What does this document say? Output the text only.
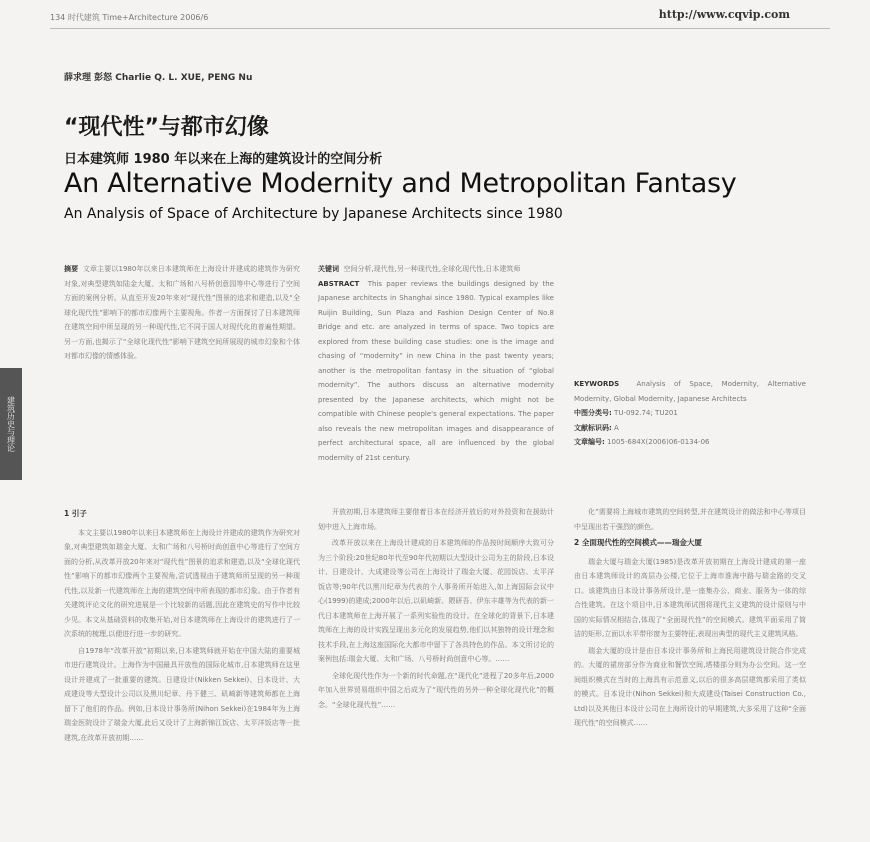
134 时代建筑 Time+Architecture 2006/6	http://www.cqvip.com
薛求理 彭怒 Charlie Q. L. XUE, PENG Nu
“现代性”与都市幻像
日本建筑师 1980 年以来在上海的建筑设计的空间分析
An Alternative Modernity and Metropolitan Fantasy
An Analysis of Space of Architecture by Japanese Architects since 1980
建筑历史与理论
摘要 文章主要以1980年以来日本建筑师在上海设计并建成的建筑作为研究对象,对典型建筑如陆金大厦、太和广场和八号桥创意园等中心等进行了空间方面的案例分析。从直至开发20年来对“现代性”图景的追求和建造,以及“全球化现代性”影响下的都市幻像两个主要视角。作者一方面探讨了日本建筑师在建筑空间中所呈现的另一种现代性,它不同于国人对现代化的普遍性期望。另一方面,也揭示了“全球化现代性”影响下建筑空间所展现的城市幻象和个体对都市幻像的情感体验。
关键词 空间分析,现代性,另一种现代性,全球化现代性,日本建筑师
ABSTRACT This paper reviews the buildings designed by the Japanese architects in Shanghai since 1980. Typical examples like Ruijin Building, Sun Plaza and Fashion Design Center of No.8 Bridge and etc. are analyzed in terms of space. Two topics are explored from these building case studies: one is the image and chasing of “modernity” in new China in the past twenty years; another is the metropolitan fantasy in the situation of “global modernity”. The authors discuss an alternative modernity presented by the Japanese architects, which might not be compatible with Chinese people's general expectations. The paper also reveals the new metropolitan images and disappearance of perfect architectural space, all are influenced by the global modernity of 21st century.
KEYWORDS Analysis of Space, Modernity, Alternative Modernity, Global Modernity, Japanese Architects
中图分类号: TU-092.74; TU201
文献标识码: A
文章编号: 1005-684X(2006)06-0134-06
1 引子
本文主要以1980年以来日本建筑师在上海设计并建成的建筑作为研究对象,对典型建筑如瑞金大厦、太和广场和八号桥时尚创意中心等进行了空间方面的分析,从改革开放20年来对“现代性”图景的追求和建造,以及“全球化现代性”影响下的都市幻像两个主要视角,尝试透视由于建筑师所呈现的另一种现代性,以及新一代建筑师在上海的建筑空间中所表现的都市幻象。由于作者有关建筑评论文化的研究进展是一个比较新的话题,因此在建筑史的写作中比较少见。本文从基础资料的收集开始,对日本建筑师在上海设计的建筑进行了一次系统的梳理,以便进行进一步的研究。
自1978年“改革开放”初期以来,日本建筑师就开始在中国大陆的重要城市进行建筑设计。上海作为中国最具开放性的国际化城市,日本建筑师在这里设计并建成了一批重要的建筑。日建设计(Nikken Sekkei)、日本设计、大成建设等大型设计公司以及黑川纪章、丹下健三、矶崎新等建筑师都在上海留下了他们的作品。例如,日本设计事务所(Nihon Sekkei)在1984年为上海瑞金医院设计了瑞金大厦,此后又设计了上海新锦江饭店、太平洋饭店等一批建筑,在改革开放初期……
开放初期,日本建筑师主要借着日本在经济开放后的对外投资和在援助计划中进入上海市场。
改革开放以来在上海设计建成的日本建筑师的作品按时间顺序大致可分为三个阶段:20世纪80年代至90年代初期以大型设计公司为主的阶段,日本设计、日建设计、大成建设等公司在上海设计了瑞金大厦、花园饭店、太平洋饭店等;90年代以黑川纪章为代表的个人事务所开始进入,如上海国际会议中心(1999)的建成;2000年以后,以矶崎新、隈研吾、伊东丰雄等为代表的新一代日本建筑师在上海开展了一系列实验性的设计。在全球化的背景下,日本建筑师在上海的设计实践呈现出多元化的发展趋势,他们以其独特的设计理念和技术手段,在上海这座国际化大都市中留下了各具特色的作品。本文所讨论的案例包括:瑞金大厦、太和广场、八号桥时尚创意中心等。……
全球化现代性作为一个新的时代命题,在“现代化”进程了20多年后,2000年加入世界贸易组织中国之后成为了“现代性的另外一种全球化现代化”的概念。“全球化现代性”……
化”需要将上海城市建筑的空间转型,并在建筑设计的做法和中心等项目中呈现出若干强烈的颜色。
2 全面现代性的空间模式——瑞金大厦
瑞金大厦与瑞金大厦(1985)是改革开放初期在上海设计建成的第一座由日本建筑师设计的高层办公楼,它位于上海市淮海中路与瑞金路的交叉口。该建筑由日本设计事务所设计,是一座集办公、商业、服务为一体的综合性建筑。在这个项目中,日本建筑师试图将现代主义建筑的设计原则与中国的实际情况相结合,体现了“全面现代性”的空间模式。建筑平面采用了简洁的矩形,立面以水平带形窗为主要特征,表现出典型的现代主义建筑风格。
瑞金大厦的设计是由日本设计事务所和上海民用建筑设计院合作完成的。大厦的裙房部分作为商业和餐饮空间,塔楼部分则为办公空间。这一空间组织模式在当时的上海具有示范意义,以后的很多高层建筑都采用了类似的模式。日本设计(Nihon Sekkei)和大成建设(Taisei Construction Co., Ltd)以及其他日本设计公司在上海所设计的早期建筑,大多采用了这种“全面现代性”的空间模式……
